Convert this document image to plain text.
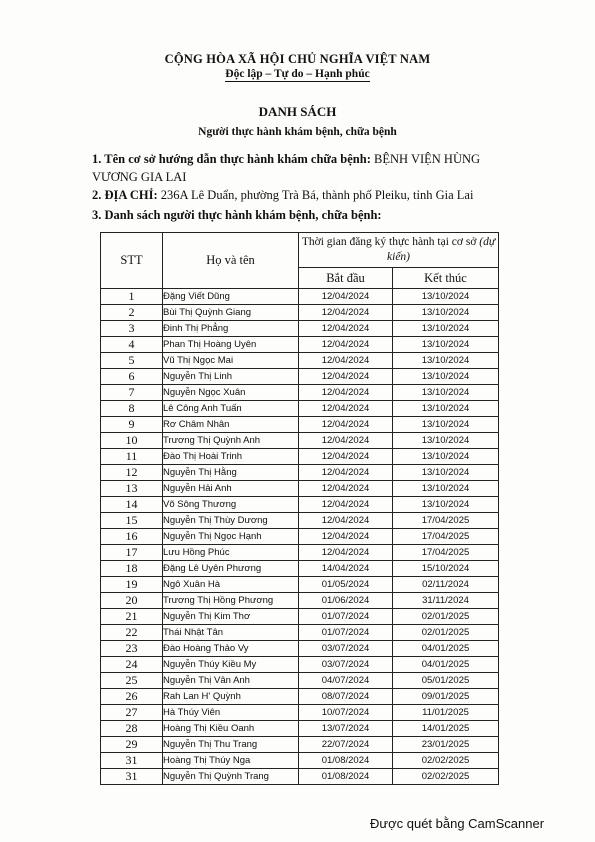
CỘNG HÒA XÃ HỘI CHỦ NGHĨA VIỆT NAM
Độc lập – Tự do – Hạnh phúc
DANH SÁCH
Người thực hành khám bệnh, chữa bệnh
1. Tên cơ sở hướng dẫn thực hành khám chữa bệnh: BỆNH VIỆN HÙNG
VƯƠNG GIA LAI
2. ĐỊA CHỈ: 236A Lê Duẩn, phường Trà Bá, thành phố Pleiku, tỉnh Gia Lai
3. Danh sách người thực hành khám bệnh, chữa bệnh:
STT	Họ và tên	Thời gian đăng ký thực hành tại cơ sở (dự kiến)	
		Bắt đầu	Kết thúc
1	Đặng Viết Dũng	12/04/2024	13/10/2024
2	Bùi Thị Quỳnh Giang	12/04/2024	13/10/2024
3	Đinh Thị Phẳng	12/04/2024	13/10/2024
4	Phan Thị Hoàng Uyên	12/04/2024	13/10/2024
5	Vũ Thị Ngọc Mai	12/04/2024	13/10/2024
6	Nguyễn Thị Linh	12/04/2024	13/10/2024
7	Nguyễn Ngọc Xuân	12/04/2024	13/10/2024
8	Lê Công Anh Tuấn	12/04/2024	13/10/2024
9	Rơ Châm Nhân	12/04/2024	13/10/2024
10	Trương Thị Quỳnh Anh	12/04/2024	13/10/2024
11	Đào Thị Hoài Trinh	12/04/2024	13/10/2024
12	Nguyễn Thị Hằng	12/04/2024	13/10/2024
13	Nguyễn Hải Anh	12/04/2024	13/10/2024
14	Võ Sông Thương	12/04/2024	13/10/2024
15	Nguyễn Thị Thùy Dương	12/04/2024	17/04/2025
16	Nguyễn Thị Ngọc Hạnh	12/04/2024	17/04/2025
17	Lưu Hồng Phúc	12/04/2024	17/04/2025
18	Đặng Lê Uyên Phương	14/04/2024	15/10/2024
19	Ngô Xuân Hà	01/05/2024	02/11/2024
20	Trương Thị Hồng Phương	01/06/2024	31/11/2024
21	Nguyễn Thị Kim Thơ	01/07/2024	02/01/2025
22	Thái Nhật Tân	01/07/2024	02/01/2025
23	Đào Hoàng Thảo Vy	03/07/2024	04/01/2025
24	Nguyễn Thúy Kiều My	03/07/2024	04/01/2025
25	Nguyễn Thị Vân Anh	04/07/2024	05/01/2025
26	Rah Lan H' Quỳnh	08/07/2024	09/01/2025
27	Hà Thúy Viên	10/07/2024	11/01/2025
28	Hoàng Thị Kiều Oanh	13/07/2024	14/01/2025
29	Nguyễn Thị Thu Trang	22/07/2024	23/01/2025
31	Hoàng Thị Thúy Nga	01/08/2024	02/02/2025
31	Nguyễn Thị Quỳnh Trang	01/08/2024	02/02/2025
Được quét bằng CamScanner
